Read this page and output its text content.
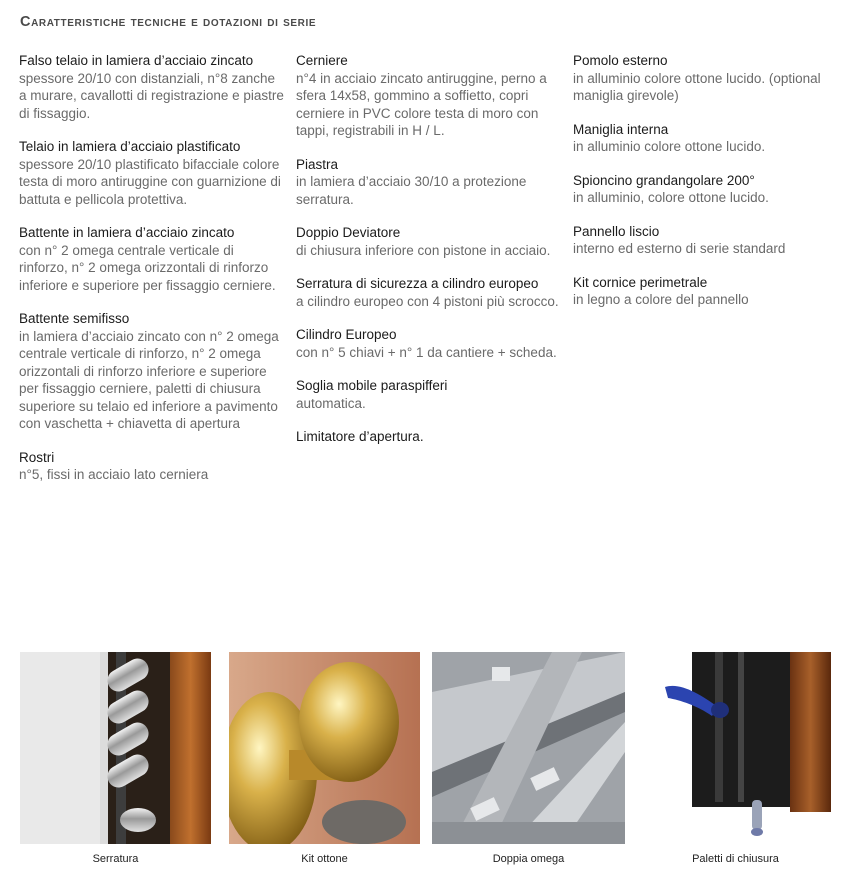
Caratteristiche tecniche e dotazioni di serie
Falso telaio in lamiera d’acciaio zincato
spessore 20/10 con distanziali, n°8 zanche a murare, cavallotti di registrazione e piastre di fissaggio.
Telaio in lamiera d’acciaio plastificato
spessore 20/10 plastificato bifacciale colore testa di moro antiruggine con guarnizione di battuta e pellicola protettiva.
Battente in lamiera d’acciaio zincato
con n° 2 omega centrale verticale di rinforzo, n° 2 omega orizzontali di rinforzo inferiore e superiore per fissaggio cerniere.
Battente semifisso
in lamiera d’acciaio zincato con n° 2 omega centrale verticale di rinforzo, n° 2 omega orizzontali di rinforzo inferiore e superiore per fissaggio cerniere, paletti di chiusura superiore su telaio ed inferiore a pavimento con vaschetta + chiavetta di apertura
Rostri
n°5, fissi in acciaio lato cerniera
Cerniere
n°4 in acciaio zincato antiruggine, perno a sfera 14x58, gommino a soffietto, copri cerniere in PVC colore testa di moro con tappi, registrabili in H / L.
Piastra
in lamiera d’acciaio 30/10 a protezione serratura.
Doppio Deviatore
di chiusura inferiore con pistone in acciaio.
Serratura di sicurezza a cilindro europeo
a cilindro europeo con 4 pistoni più scrocco.
Cilindro Europeo
con n° 5 chiavi + n° 1 da cantiere + scheda.
Soglia mobile paraspifferi
automatica.
Limitatore d’apertura.
Pomolo esterno
in alluminio colore ottone lucido. (optional maniglia girevole)
Maniglia interna
in alluminio colore ottone lucido.
Spioncino grandangolare 200°
in alluminio, colore ottone lucido.
Pannello liscio
interno ed esterno di serie standard
Kit cornice perimetrale
in legno a colore del pannello
Serratura	Kit ottone	Doppia omega	Paletti di chiusura
